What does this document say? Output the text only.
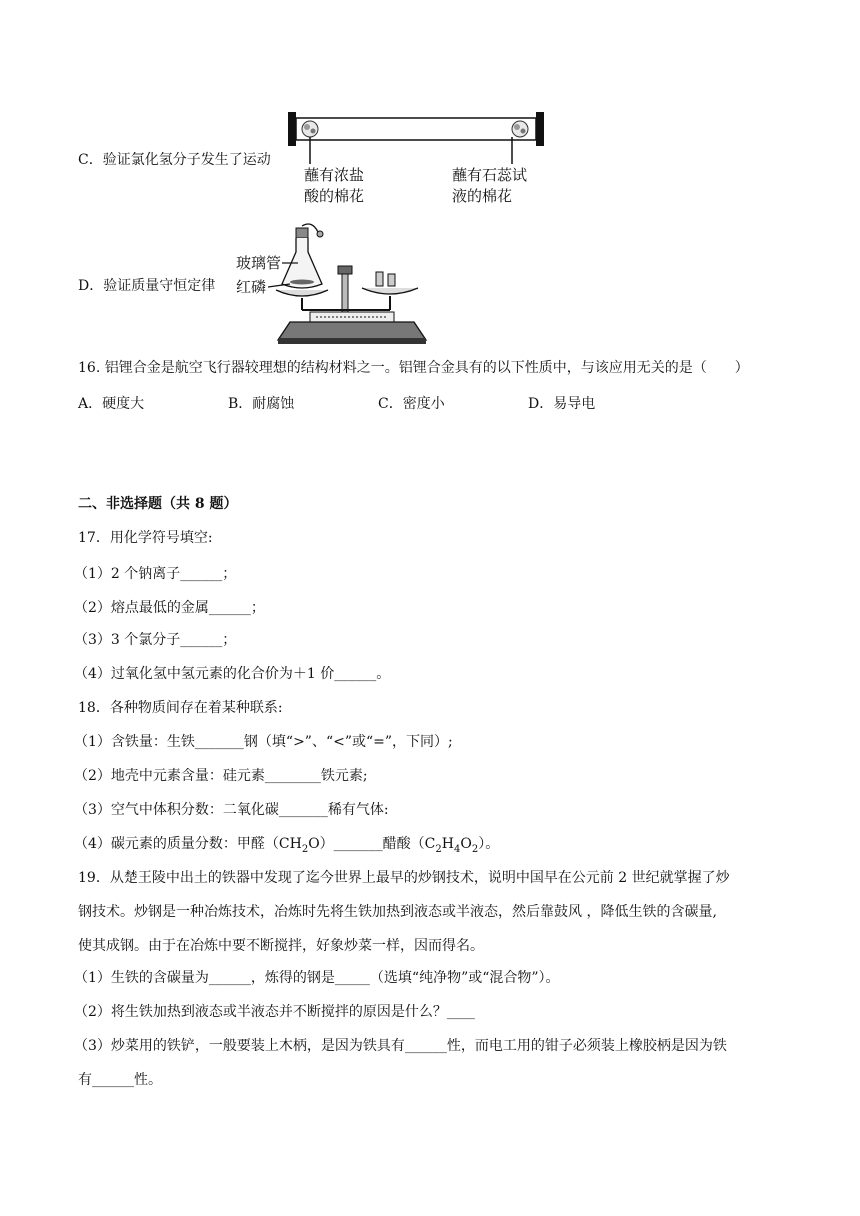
C．验证氯化氢分子发生了运动
蘸有浓盐
酸的棉花
蘸有石蕊试
液的棉花
D．验证质量守恒定律
玻璃管
红磷
16. 铝锂合金是航空飞行器较理想的结构材料之一。铝锂合金具有的以下性质中，与该应用无关的是（　　）
A．硬度大	B．耐腐蚀	C．密度小	D．易导电
二、非选择题（共 8 题）
17．用化学符号填空:
（1）2 个钠离子______；
（2）熔点最低的金属______；
（3）3 个氯分子______；
（4）过氧化氢中氢元素的化合价为＋1 价______。
18．各种物质间存在着某种联系:
（1）含铁量：生铁_______钢（填“>”、“<”或“=”，下同）;
（2）地壳中元素含量：硅元素________铁元素;
（3）空气中体积分数：二氧化碳_______稀有气体:
（4）碳元素的质量分数：甲醛$(CH_2O)\_\_\_\_\_\_\_$醋酸$(C_2H_4O_2)$。
19．从楚王陵中出土的铁器中发现了迄今世界上最早的炒钢技术，说明中国早在公元前 2 世纪就掌握了炒
钢技术。炒钢是一种冶炼技术，冶炼时先将生铁加热到液态或半液态，然后靠鼓风 ，降低生铁的含碳量,
使其成钢。由于在冶炼中要不断搅拌，好象炒菜一样，因而得名。
（1）生铁的含碳量为______，炼得的钢是_____（选填“纯净物”或“混合物”）。
（2）将生铁加热到液态或半液态并不断搅拌的原因是什么？____
（3）炒菜用的铁铲，一般要装上木柄，是因为铁具有______性，而电工用的钳子必须装上橡胶柄是因为铁
有______性。
